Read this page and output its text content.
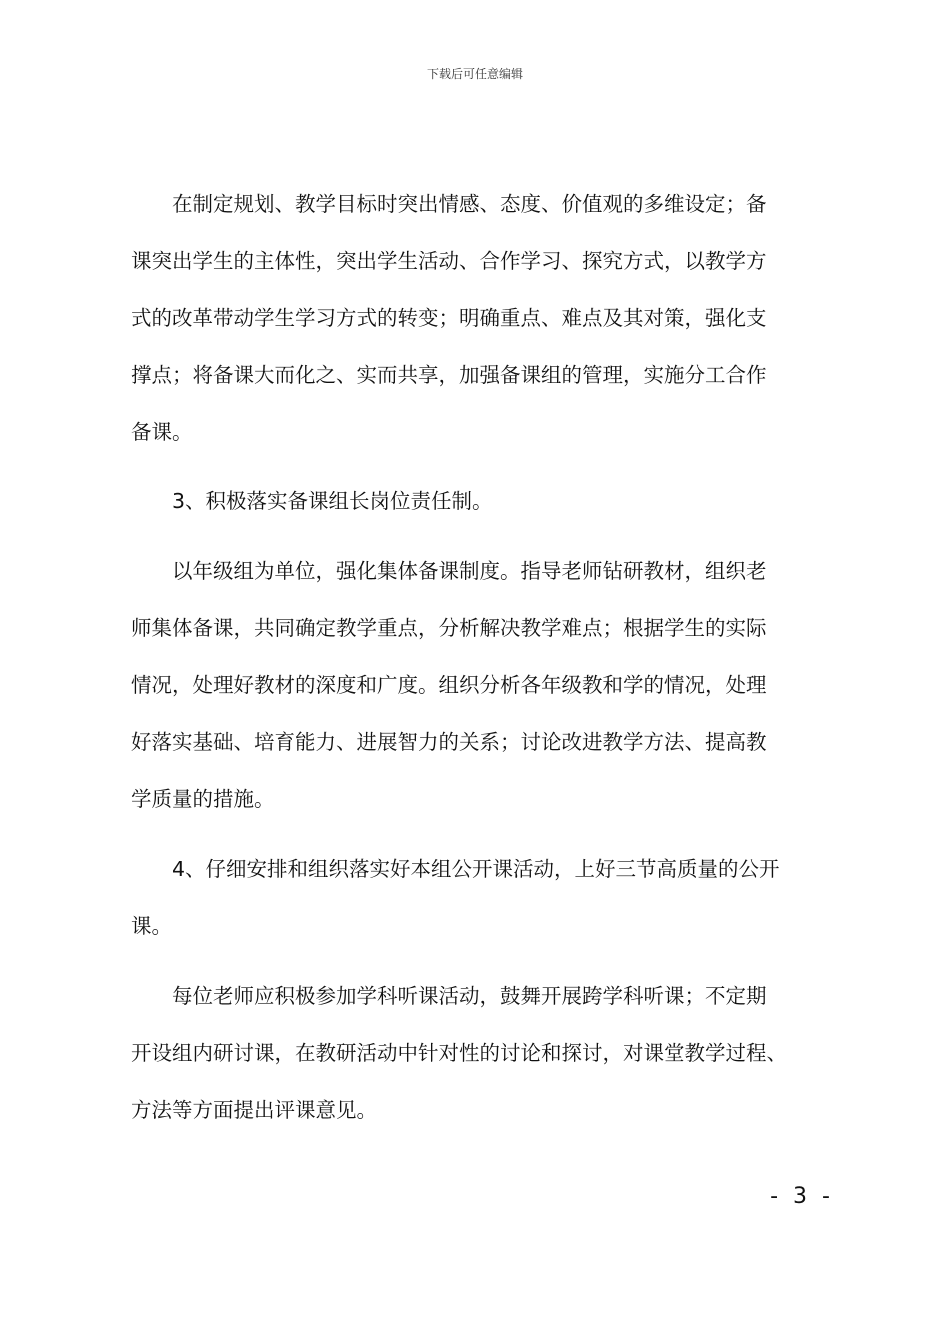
下载后可任意编辑
在制定规划、教学目标时突出情感、态度、价值观的多维设定；备
课突出学生的主体性，突出学生活动、合作学习、探究方式，以教学方
式的改革带动学生学习方式的转变；明确重点、难点及其对策，强化支
撑点；将备课大而化之、实而共享，加强备课组的管理，实施分工合作
备课。
3、积极落实备课组长岗位责任制。
以年级组为单位，强化集体备课制度。指导老师钻研教材，组织老
师集体备课，共同确定教学重点，分析解决教学难点；根据学生的实际
情况，处理好教材的深度和广度。组织分析各年级教和学的情况，处理
好落实基础、培育能力、进展智力的关系；讨论改进教学方法、提高教
学质量的措施。
4、仔细安排和组织落实好本组公开课活动，上好三节高质量的公开
课。
每位老师应积极参加学科听课活动，鼓舞开展跨学科听课；不定期
开设组内研讨课，在教研活动中针对性的讨论和探讨，对课堂教学过程、
方法等方面提出评课意见。
- 3 -
